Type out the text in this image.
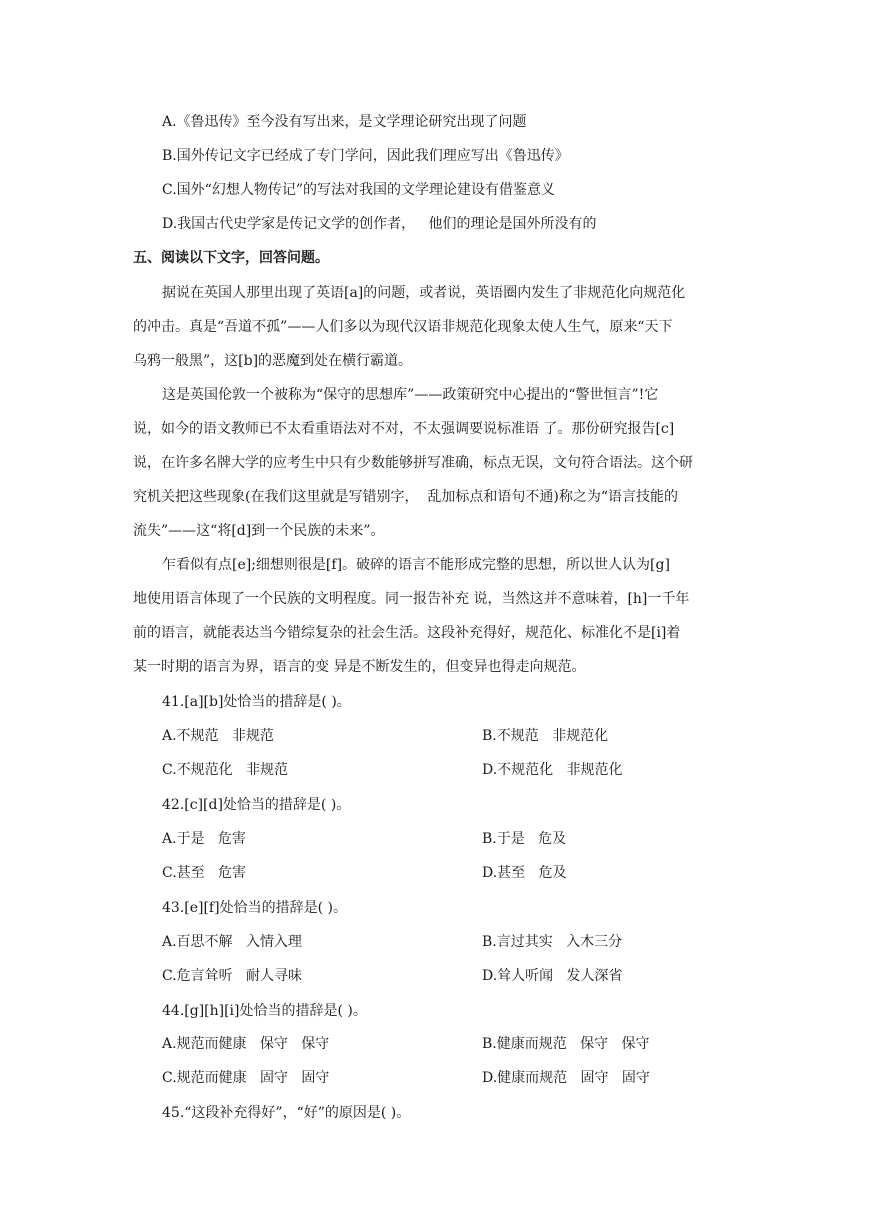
A.《鲁迅传》至今没有写出来，是文学理论研究出现了问题
B.国外传记文字已经成了专门学问，因此我们理应写出《鲁迅传》
C.国外“幻想人物传记”的写法对我国的文学理论建设有借鉴意义
D.我国古代史学家是传记文学的创作者，   他们的理论是国外所没有的
五、阅读以下文字，回答问题。
据说在英国人那里出现了英语[a]的问题，或者说，英语圈内发生了非规范化向规范化
的冲击。真是“吾道不孤”——人们多以为现代汉语非规范化现象太使人生气，原来“天下
乌鸦一般黑”，这[b]的恶魔到处在横行霸道。
这是英国伦敦一个被称为“保守的思想库”——政策研究中心提出的“警世恒言”!它
说，如今的语文教师已不太看重语法对不对，不太强调要说标准语 了。那份研究报告[c]
说，在许多名牌大学的应考生中只有少数能够拼写准确，标点无误，文句符合语法。这个研
究机关把这些现象(在我们这里就是写错别字，  乱加标点和语句不通)称之为“语言技能的
流失”——这“将[d]到一个民族的未来”。
乍看似有点[e];细想则很是[f]。破碎的语言不能形成完整的思想，所以世人认为[g]
地使用语言体现了一个民族的文明程度。同一报告补充 说，当然这并不意味着，[h]一千年
前的语言，就能表达当今错综复杂的社会生活。这段补充得好，规范化、标准化不是[i]着
某一时期的语言为界，语言的变 异是不断发生的，但变异也得走向规范。
41.[a][b]处恰当的措辞是( )。
A.不规范   非规范	B.不规范   非规范化
C.不规范化   非规范	D.不规范化   非规范化
42.[c][d]处恰当的措辞是( )。
A.于是   危害	B.于是   危及
C.甚至   危害	D.甚至   危及
43.[e][f]处恰当的措辞是( )。
A.百思不解   入情入理	B.言过其实   入木三分
C.危言耸听   耐人寻味	D.耸人听闻   发人深省
44.[g][h][i]处恰当的措辞是( )。
A.规范而健康   保守   保守	B.健康而规范   保守   保守
C.规范而健康   固守   固守	D.健康而规范   固守   固守
45.“这段补充得好”，“好”的原因是( )。
